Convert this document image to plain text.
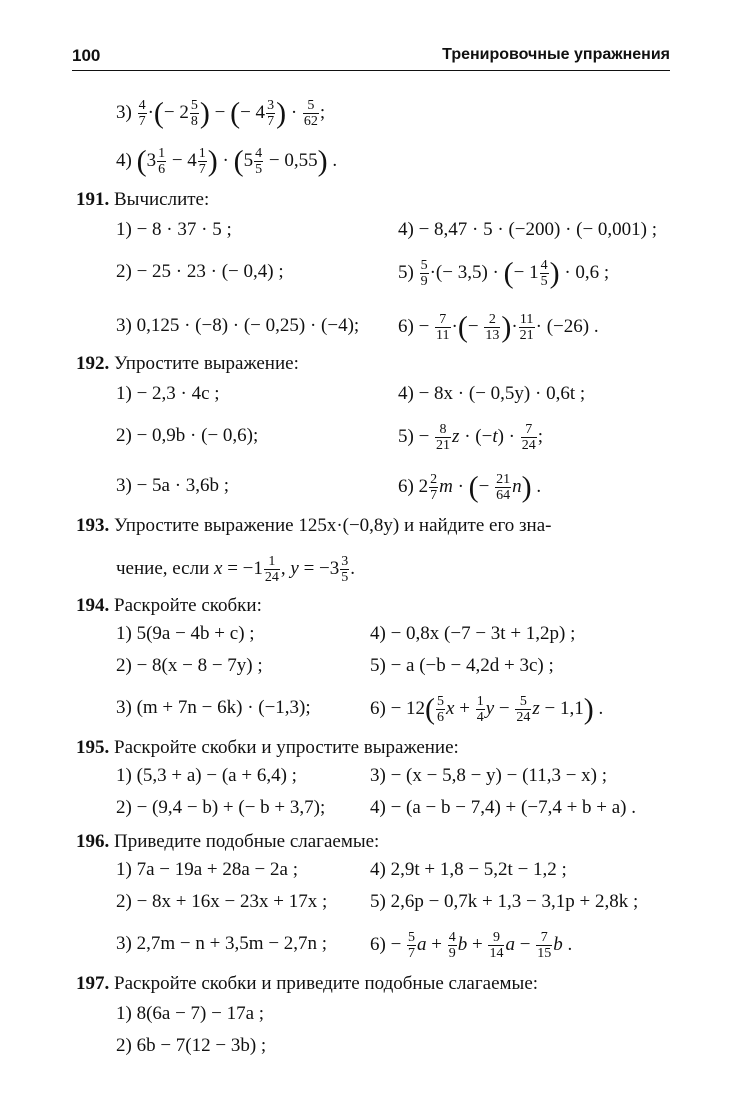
100	Тренировочные упражнения
$3) \frac{4}{7}$ ·(− $2 \frac{5}{8}$ ) − (− $4 \frac{3}{7}$ ) · $\frac{5}{62}$ ;
4) ($3 \frac{1}{6} - 4 \frac{1}{7}$ ) · $(5 \frac{4}{5} - 0,55)$ .
191. Вычислите:
1) − 8 · 37 · 5 ;	4) − 8,47 · 5 · (−200) · (− 0,001) ;
2) − 25 · 23 · (− 0,4) ;	$5) \frac{5}{9}$ ·(− 3,5) · (− $1 \frac{4}{5}$ ) · 0,6 ;
3) 0,125 · (−8) · (− 0,25) · (−4); $6) - \frac{7}{11}$ ·(− $\frac{2}{13}$ )· $\frac{11}{21} \cdot (-26)$ .
192. Упростите выражение:
1) − 2,3 · 4c ;	4) − 8x · (− 0,5y) · 0,6t ;
2) − 0,9b · (− 0,6);	$5) - \frac{8}{21}$ $z \cdot (-t) \cdot \frac{7}{24}$ ;
3) − 5a · 3,6b ;	6) $2 \frac{2}{7}$ m · (− $\frac{21}{64} n$) .
193. Упростите выражение 125x·(−0,8y) и найдите его зна-
чение, если $x = -1 \frac{1}{24}$ , $y = -3 \frac{3}{5}$ .
194. Раскройте скобки:
1) 5(9a − 4b + c) ;	4) − 0,8x (−7 − 3t + 1,2p) ;
2) − 8(x − 8 − 7y) ;	5) − a (−b − 4,2d + 3c) ;
3) (m + 7n − 6k) · (−1,3);	$6) - 12( \frac{5}{6}$ $x + \frac{1}{4}$ $y - \frac{5}{24}$ z − 1,1) .
195. Раскройте скобки и упростите выражение:
1) (5,3 + a) − (a + 6,4) ;	3) − (x − 5,8 − y) − (11,3 − x) ;
2) − (9,4 − b) + (− b + 3,7); 4) − (a − b − 7,4) + (−7,4 + b + a) .
196. Приведите подобные слагаемые:
1) 7a − 19a + 28a − 2a ;	4) 2,9t + 1,8 − 5,2t − 1,2 ;
2) − 8x + 16x − 23x + 17x ; 5) 2,6p − 0,7k + 1,3 − 3,1p + 2,8k ;
3) 2,7m − n + 3,5m − 2,7n ; $6) - \frac{5}{7}$ $a + \frac{4}{9}$ $b + \frac{9}{14}$ $a - \frac{7}{15}$ b .
197. Раскройте скобки и приведите подобные слагаемые:
1) 8(6a − 7) − 17a ;
2) 6b − 7(12 − 3b) ;
